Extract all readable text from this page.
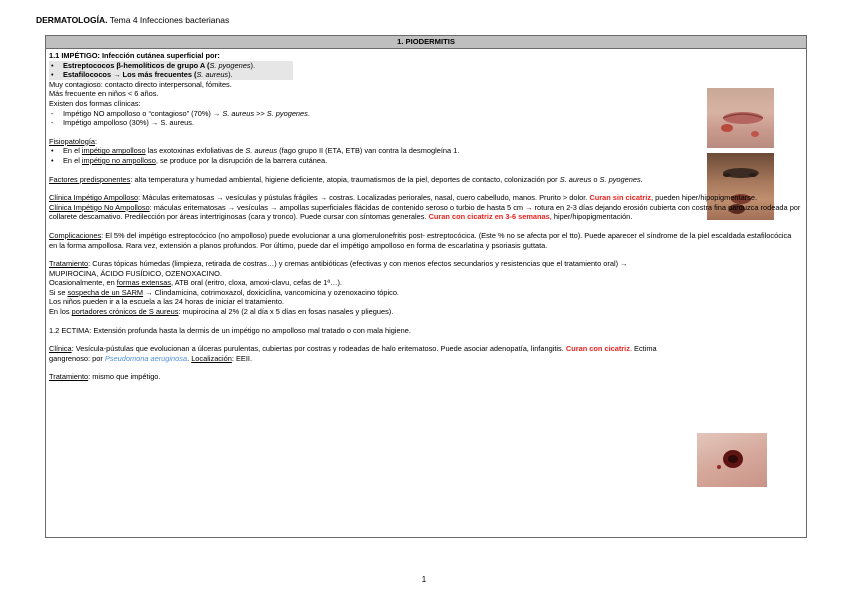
DERMATOLOGÍA. Tema 4 Infecciones bacterianas
1. PIODERMITIS
1.1 IMPÉTIGO: Infección cutánea superficial por:
• Estreptococos β-hemolíticos de grupo A (S. pyogenes).
• Estafilococos → Los más frecuentes (S. aureus).
Muy contagioso: contacto directo interpersonal, fómites.
Más frecuente en niños < 6 años.
Existen dos formas clínicas:
- Impétigo NO ampolloso o “contagioso” (70%) → S. aureus >> S. pyogenes.
- Impétigo ampolloso (30%) → S. aureus.
Fisiopatología:
• En el impétigo ampolloso las exotoxinas exfoliativas de S. aureus (fago grupo II (ETA, ETB) van contra la desmogleína 1.
• En el impétigo no ampolloso, se produce por la disrupción de la barrera cutánea.
Factores predisponentes: alta temperatura y humedad ambiental, higiene deficiente, atopia, traumatismos de la piel, deportes de contacto, colonización por S. aureus o S. pyogenes.
Clínica Impétigo Ampolloso: Máculas eritematosas → vesículas y pústulas frágiles → costras. Localizadas periorales, nasal, cuero cabelludo, manos. Prurito > dolor. Curan sin cicatriz, pueden hiper/hipopigmentarse.
Clínica Impétigo No Ampolloso: máculas eritematosas → vesículas → ampollas superficiales flácidas de contenido seroso o turbio de hasta 5 cm → rotura en 2-3 días dejando erosión cubierta con costra fina parduzca rodeada por collarete descamativo. Predilección por áreas intertriginosas (cara y tronco). Puede cursar con síntomas generales. Curan con cicatriz en 3-6 semanas, hiper/hipopigmentación.
Complicaciones: El 5% del impétigo estreptocócico (no ampolloso) puede evolucionar a una glomerulonefritis post- estreptocócica. (Este % no se afecta por el tto). Puede aparecer el síndrome de la piel escaldada estafilocócica en la forma ampollosa. Rara vez, extensión a planos profundos. Por último, puede dar el impétigo ampolloso en forma de escarlatina y psoriasis guttata.
Tratamiento: Curas tópicas húmedas (limpieza, retirada de costras…) y cremas antibióticas (efectivas y con menos efectos secundarios y resistencias que el tratamiento oral) →
MUPIROCINA, ÁCIDO FUSÍDICO, OZENOXACINO.
Ocasionalmente, en formas extensas, ATB oral (eritro, cloxa, amoxi-clavu, cefas de 1ª…).
Si se sospecha de un SARM → Clindamicina, cotrimoxazol, doxiciclina, vancomicina y ozenoxacino tópico.
Los niños pueden ir a la escuela a las 24 horas de iniciar el tratamiento.
En los portadores crónicos de S aureus: mupirocina al 2% (2 al día x 5 días en fosas nasales y pliegues).
1.2 ECTIMA: Extensión profunda hasta la dermis de un impétigo no ampolloso mal tratado o con mala higiene.
Clínica: Vesícula-pústulas que evolucionan a úlceras purulentas, cubiertas por costras y rodeadas de halo eritematoso. Puede asociar adenopatía, linfangitis. Curan con cicatriz. Ectima gangrenoso: por Pseudomona aeruginosa. Localización: EEII.
Tratamiento: mismo que impétigo.
1
